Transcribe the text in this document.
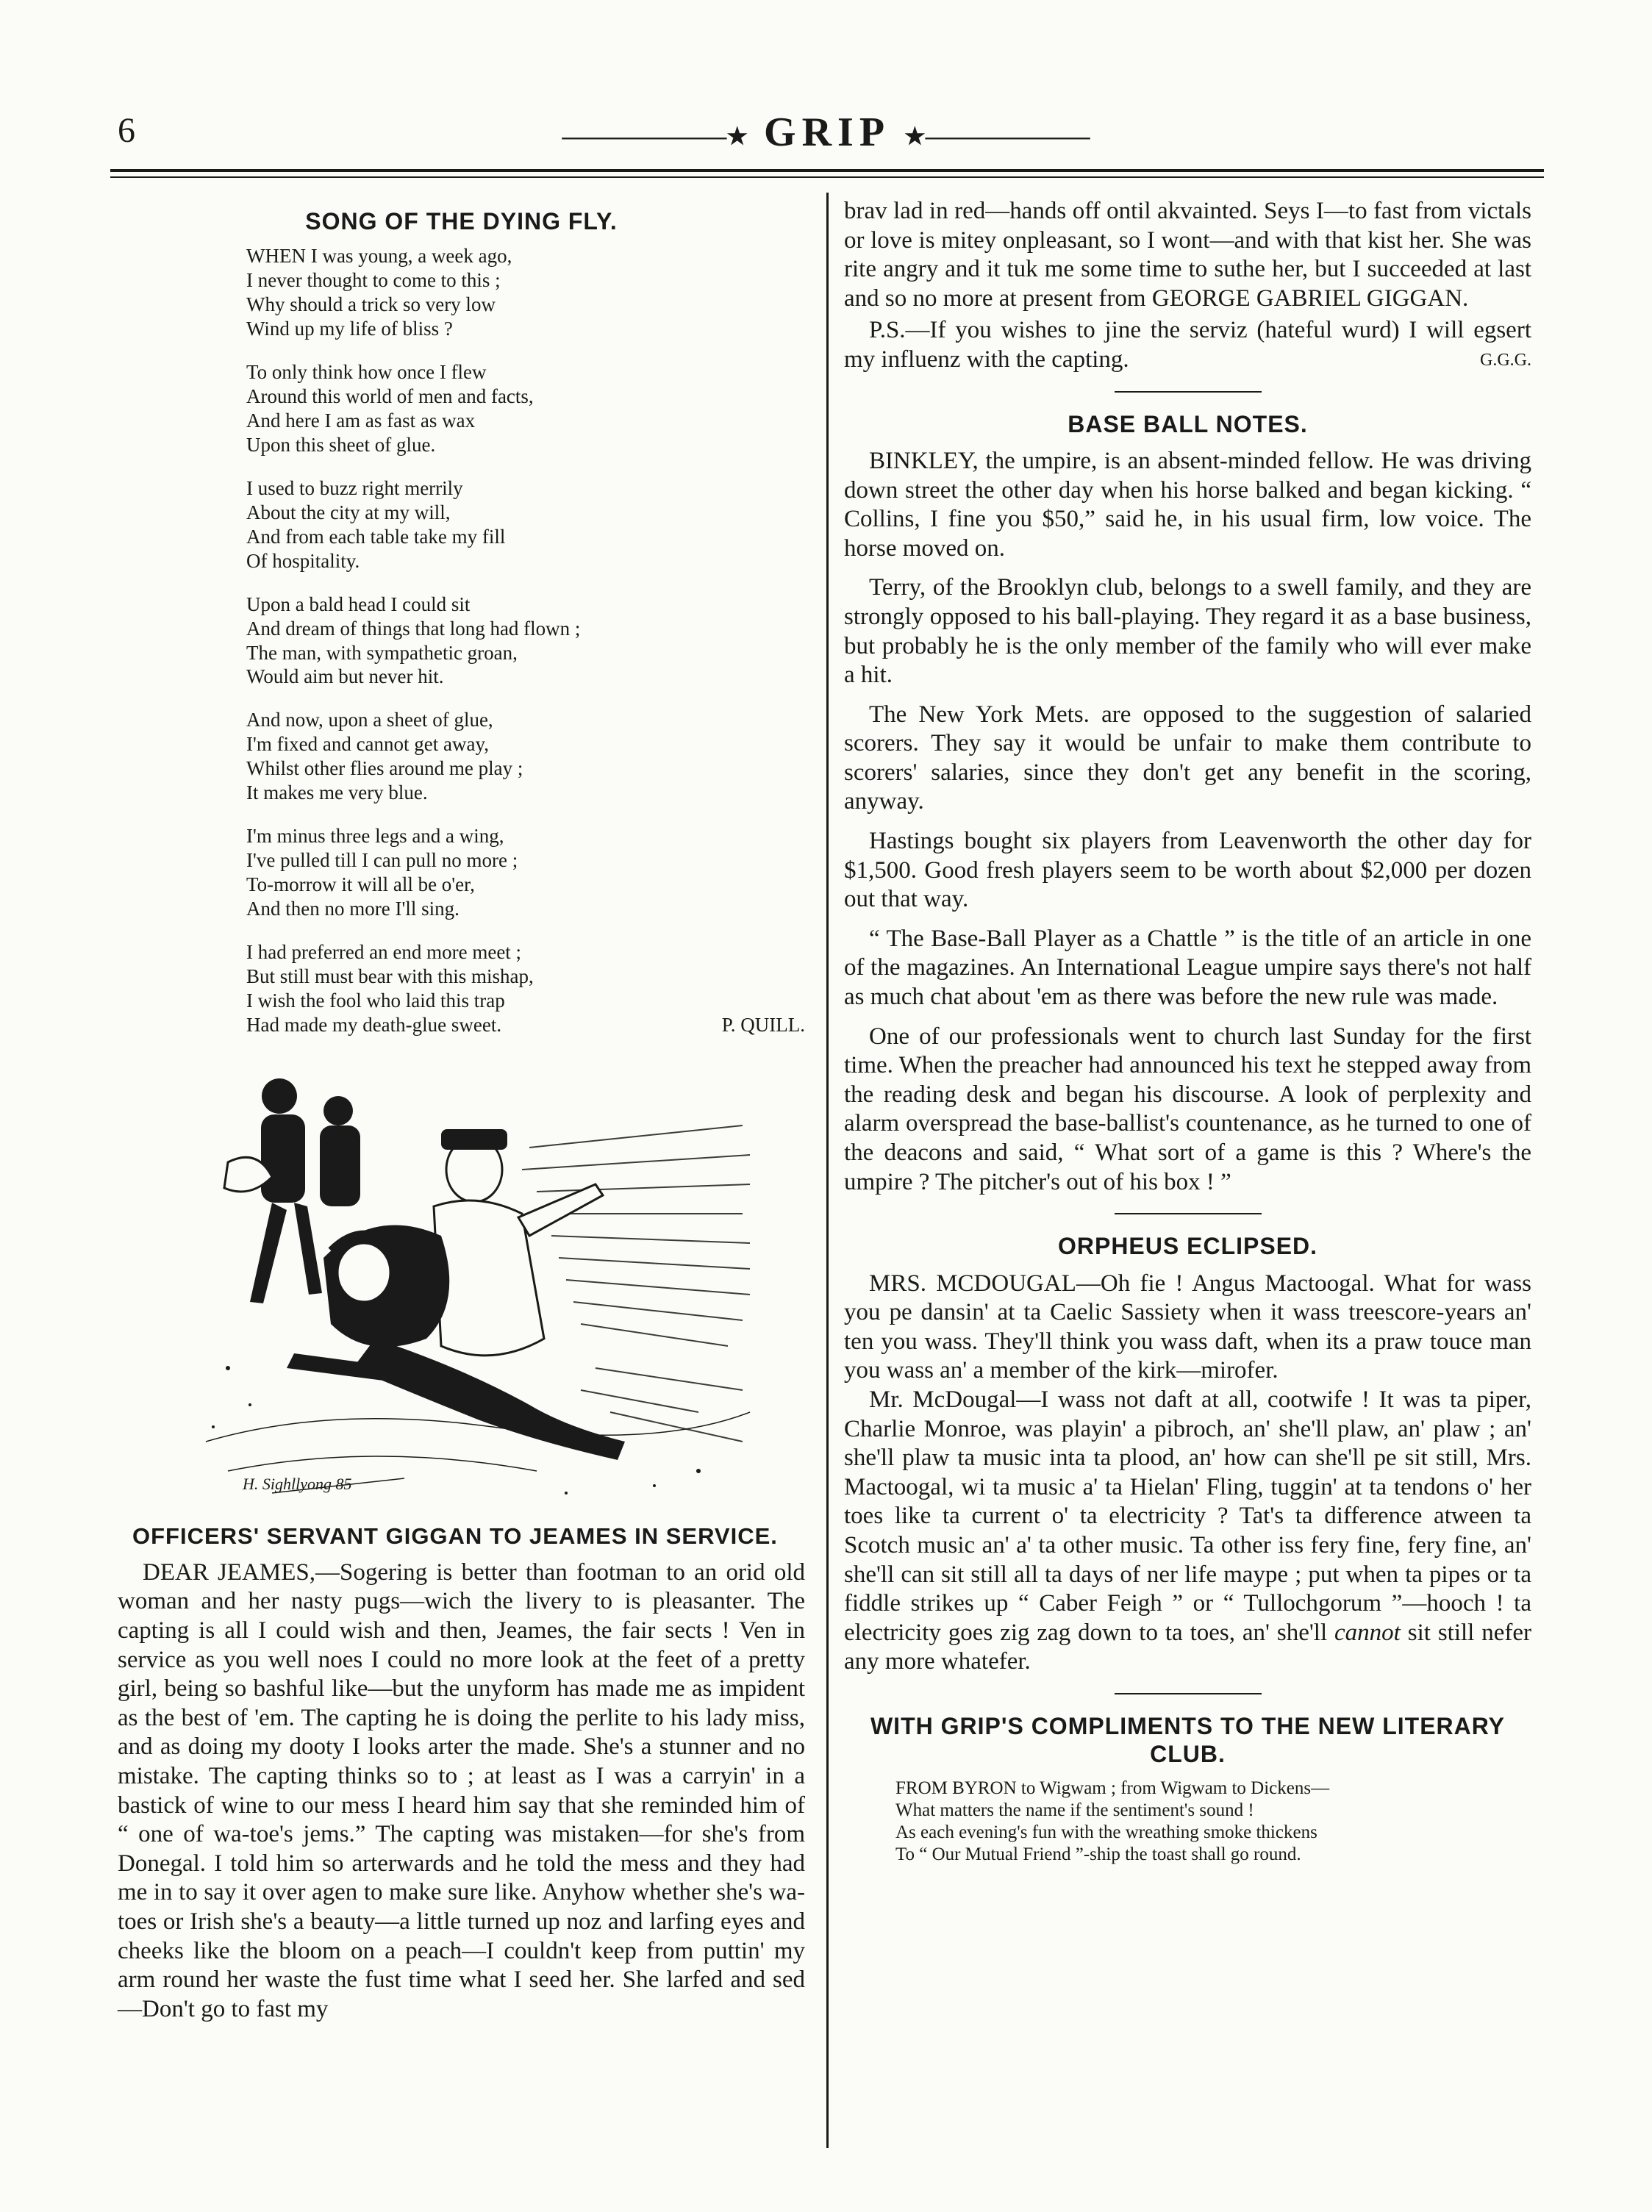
6	———————★ GRIP ★———————
SONG OF THE DYING FLY.

WHEN I was young, a week ago,

I never thought to come to this ;

Why should a trick so very low

Wind up my life of bliss ?

To only think how once I flew

Around this world of men and facts,

And here I am as fast as wax

Upon this sheet of glue.

I used to buzz right merrily

About the city at my will,

And from each table take my fill

Of hospitality.

Upon a bald head I could sit

And dream of things that long had flown ;

The man, with sympathetic groan,

Would aim but never hit.

And now, upon a sheet of glue,

I'm fixed and cannot get away,

Whilst other flies around me play ;

It makes me very blue.

I'm minus three legs and a wing,

I've pulled till I can pull no more ;

To-morrow it will all be o'er,

And then no more I'll sing.

I had preferred an end more meet ;

But still must bear with this mishap,

I wish the fool who laid this trap

Had made my death-glue sweet.	P. QUILL.

H. Sighllyong 85
OFFICERS' SERVANT GIGGAN TO JEAMES IN SERVICE.

DEAR JEAMES,—Sogering is better than footman to an orid old woman and her nasty pugs—wich the livery to is pleasanter. The capting is all I could wish and then, Jeames, the fair sects ! Ven in service as you well noes I could no more look at the feet of a pretty girl, being so bashful like—but the unyform has made me as impident as the best of 'em. The capting he is doing the perlite to his lady miss, and as doing my dooty I looks arter the made. She's a stunner and no mistake. The capting thinks so to ; at least as I was a carryin' in a bastick of wine to our mess I heard him say that she reminded him of “ one of wa-toe's jems.” The capting was mistaken—for she's from Donegal. I told him so arterwards and he told the mess and they had me in to say it over agen to make sure like. Anyhow whether she's wa-toes or Irish she's a beauty—a little turned up noz and larfing eyes and cheeks like the bloom on a peach—I couldn't keep from puttin' my arm round her waste the fust time what I seed her. She larfed and sed—Don't go to fast my

brav lad in red—hands off ontil akvainted. Seys I—to fast from victals or love is mitey onpleasant, so I wont—and with that kist her. She was rite angry and it tuk me some time to suthe her, but I succeeded at last and so no more at present from GEORGE GABRIEL GIGGAN.

P.S.—If you wishes to jine the serviz (hateful wurd) I will egsert my influenz with the capting.	G.G.G.

BASE BALL NOTES.

BINKLEY, the umpire, is an absent-minded fellow. He was driving down street the other day when his horse balked and began kicking. “ Collins, I fine you $50,” said he, in his usual firm, low voice. The horse moved on.

Terry, of the Brooklyn club, belongs to a swell family, and they are strongly opposed to his ball-playing. They regard it as a base business, but probably he is the only member of the family who will ever make a hit.

The New York Mets. are opposed to the suggestion of salaried scorers. They say it would be unfair to make them contribute to scorers' salaries, since they don't get any benefit in the scoring, anyway.

Hastings bought six players from Leavenworth the other day for $1,500. Good fresh players seem to be worth about $2,000 per dozen out that way.

“ The Base-Ball Player as a Chattle ” is the title of an article in one of the magazines. An International League umpire says there's not half as much chat about 'em as there was before the new rule was made.

One of our professionals went to church last Sunday for the first time. When the preacher had announced his text he stepped away from the reading desk and began his discourse. A look of perplexity and alarm overspread the base-ballist's countenance, as he turned to one of the deacons and said, “ What sort of a game is this ? Where's the umpire ? The pitcher's out of his box ! ”

ORPHEUS ECLIPSED.

MRS. MCDOUGAL—Oh fie ! Angus Mactoogal. What for wass you pe dansin' at ta Caelic Sassiety when it wass treescore-years an' ten you wass. They'll think you wass daft, when its a praw touce man you wass an' a member of the kirk—mirofer.

Mr. McDougal—I wass not daft at all, cootwife ! It was ta piper, Charlie Monroe, was playin' a pibroch, an' she'll plaw, an' plaw ; an' she'll plaw ta music inta ta plood, an' how can she'll pe sit still, Mrs. Mactoogal, wi ta music a' ta Hielan' Fling, tuggin' at ta tendons o' her toes like ta current o' ta electricity ? Tat's ta difference atween ta Scotch music an' a' ta other music. Ta other iss fery fine, fery fine, an' she'll can sit still all ta days of ner life maype ; put when ta pipes or ta fiddle strikes up “ Caber Feigh ” or “ Tullochgorum ”—hooch ! ta electricity goes zig zag down to ta toes, an' she'll cannot sit still nefer any more whatefer.

WITH GRIP'S COMPLIMENTS TO THE NEW LITERARY CLUB.

FROM BYRON to Wigwam ; from Wigwam to Dickens—

What matters the name if the sentiment's sound !

As each evening's fun with the wreathing smoke thickens

To “ Our Mutual Friend ”-ship the toast shall go round.
